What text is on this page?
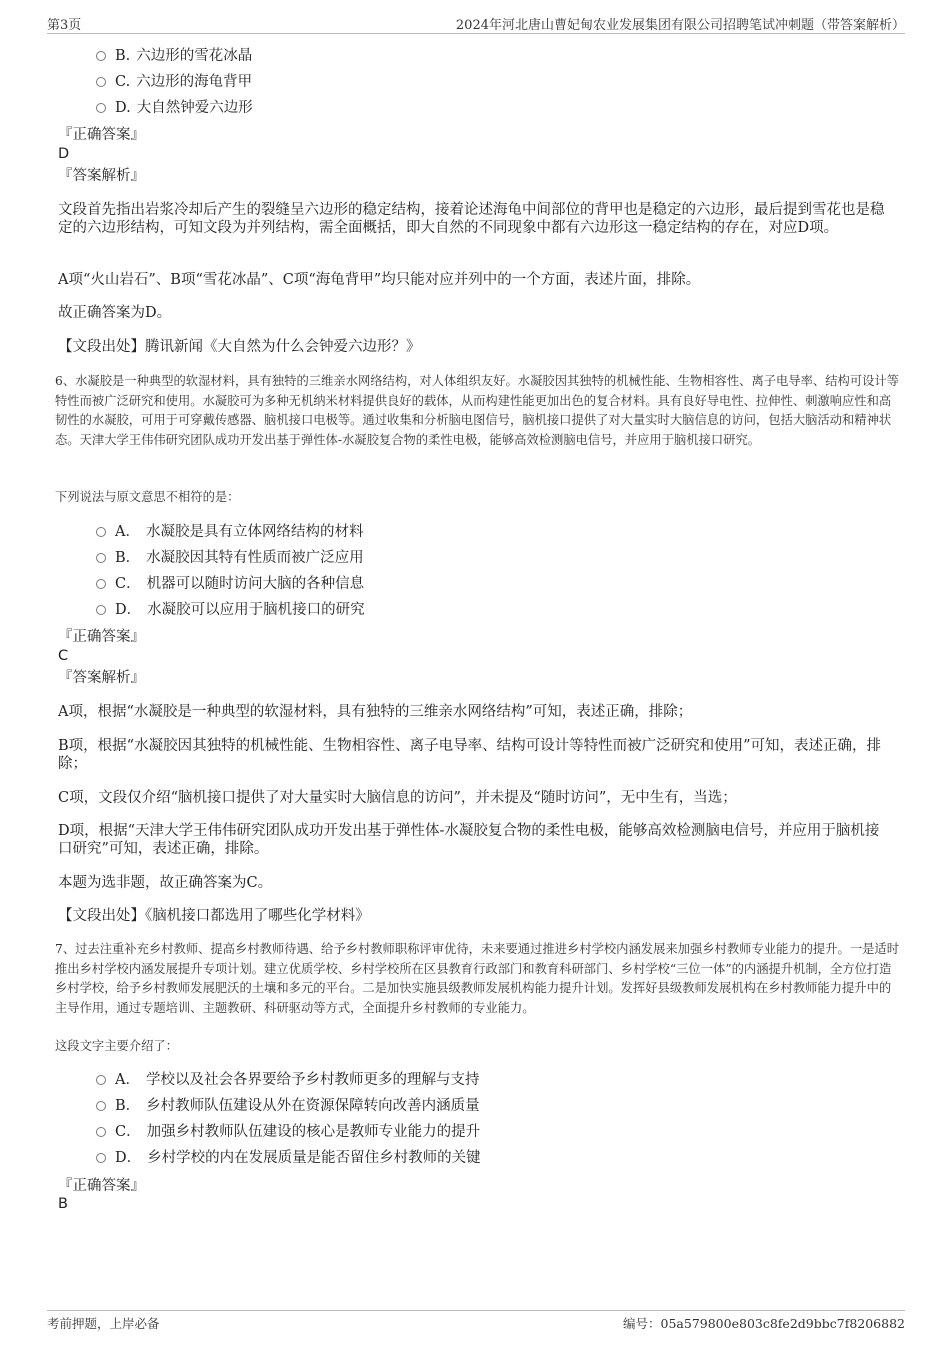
第3页	2024年河北唐山曹妃甸农业发展集团有限公司招聘笔试冲刺题（带答案解析）
B. 六边形的雪花冰晶
C. 六边形的海龟背甲
D. 大自然钟爱六边形
『正确答案』
D
『答案解析』
文段首先指出岩浆冷却后产生的裂缝呈六边形的稳定结构，接着论述海龟中间部位的背甲也是稳定的六边形，最后提到雪花也是稳定的六边形结构，可知文段为并列结构，需全面概括，即大自然的不同现象中都有六边形这一稳定结构的存在，对应D项。
A项“火山岩石”、B项“雪花冰晶”、C项“海龟背甲”均只能对应并列中的一个方面，表述片面，排除。
故正确答案为D。
【文段出处】腾讯新闻《大自然为什么会钟爱六边形？》
6、水凝胶是一种典型的软湿材料，具有独特的三维亲水网络结构，对人体组织友好。水凝胶因其独特的机械性能、生物相容性、离子电导率、结构可设计等特性而被广泛研究和使用。水凝胶可为多种无机纳米材料提供良好的载体，从而构建性能更加出色的复合材料。具有良好导电性、拉伸性、刺激响应性和高韧性的水凝胶，可用于可穿戴传感器、脑机接口电极等。通过收集和分析脑电图信号，脑机接口提供了对大量实时大脑信息的访问，包括大脑活动和精神状态。天津大学王伟伟研究团队成功开发出基于弹性体-水凝胶复合物的柔性电极，能够高效检测脑电信号，并应用于脑机接口研究。
下列说法与原文意思不相符的是：
A． 水凝胶是具有立体网络结构的材料
B． 水凝胶因其特有性质而被广泛应用
C． 机器可以随时访问大脑的各种信息
D． 水凝胶可以应用于脑机接口的研究
『正确答案』
C
『答案解析』
A项，根据“水凝胶是一种典型的软湿材料，具有独特的三维亲水网络结构”可知，表述正确，排除；
B项，根据“水凝胶因其独特的机械性能、生物相容性、离子电导率、结构可设计等特性而被广泛研究和使用”可知，表述正确，排除；
C项，文段仅介绍“脑机接口提供了对大量实时大脑信息的访问”，并未提及“随时访问”，无中生有，当选；
D项，根据“天津大学王伟伟研究团队成功开发出基于弹性体-水凝胶复合物的柔性电极，能够高效检测脑电信号，并应用于脑机接口研究”可知，表述正确，排除。
本题为选非题，故正确答案为C。
【文段出处】《脑机接口都选用了哪些化学材料》
7、过去注重补充乡村教师、提高乡村教师待遇、给予乡村教师职称评审优待，未来要通过推进乡村学校内涵发展来加强乡村教师专业能力的提升。一是适时推出乡村学校内涵发展提升专项计划。建立优质学校、乡村学校所在区县教育行政部门和教育科研部门、乡村学校“三位一体”的内涵提升机制，全方位打造乡村学校，给予乡村教师发展肥沃的土壤和多元的平台。二是加快实施县级教师发展机构能力提升计划。发挥好县级教师发展机构在乡村教师能力提升中的主导作用，通过专题培训、主题教研、科研驱动等方式，全面提升乡村教师的专业能力。
这段文字主要介绍了：
A． 学校以及社会各界要给予乡村教师更多的理解与支持
B． 乡村教师队伍建设从外在资源保障转向改善内涵质量
C． 加强乡村教师队伍建设的核心是教师专业能力的提升
D． 乡村学校的内在发展质量是能否留住乡村教师的关键
『正确答案』
B
考前押题，上岸必备	编号：05a579800e803c8fe2d9bbc7f8206882
